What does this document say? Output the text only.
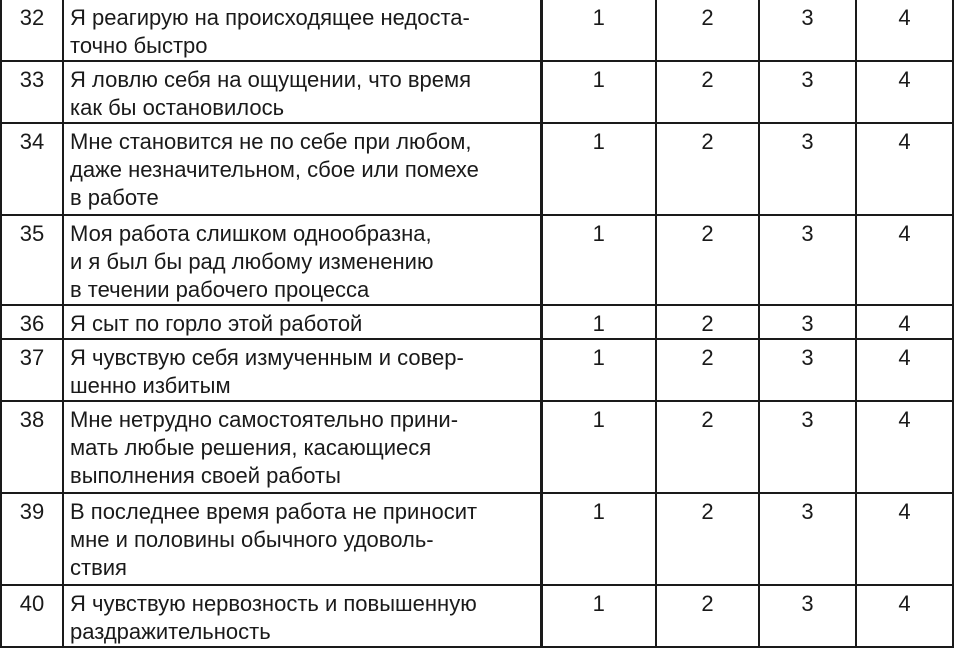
32	Я реагирую на происходящее недоста-
точно быстро	1	2	3	4
33	Я ловлю себя на ощущении, что время
как бы остановилось	1	2	3	4
34	Мне становится не по себе при любом,
даже незначительном, сбое или помехе
в работе	1	2	3	4
35	Моя работа слишком однообразна,
и я был бы рад любому изменению
в течении рабочего процесса	1	2	3	4
36	Я сыт по горло этой работой	1	2	3	4
37	Я чувствую себя измученным и совер-
шенно избитым	1	2	3	4
38	Мне нетрудно самостоятельно прини-
мать любые решения, касающиеся
выполнения своей работы	1	2	3	4
39	В последнее время работа не приносит
мне и половины обычного удоволь-
ствия	1	2	3	4
40	Я чувствую нервозность и повышенную
раздражительность	1	2	3	4
